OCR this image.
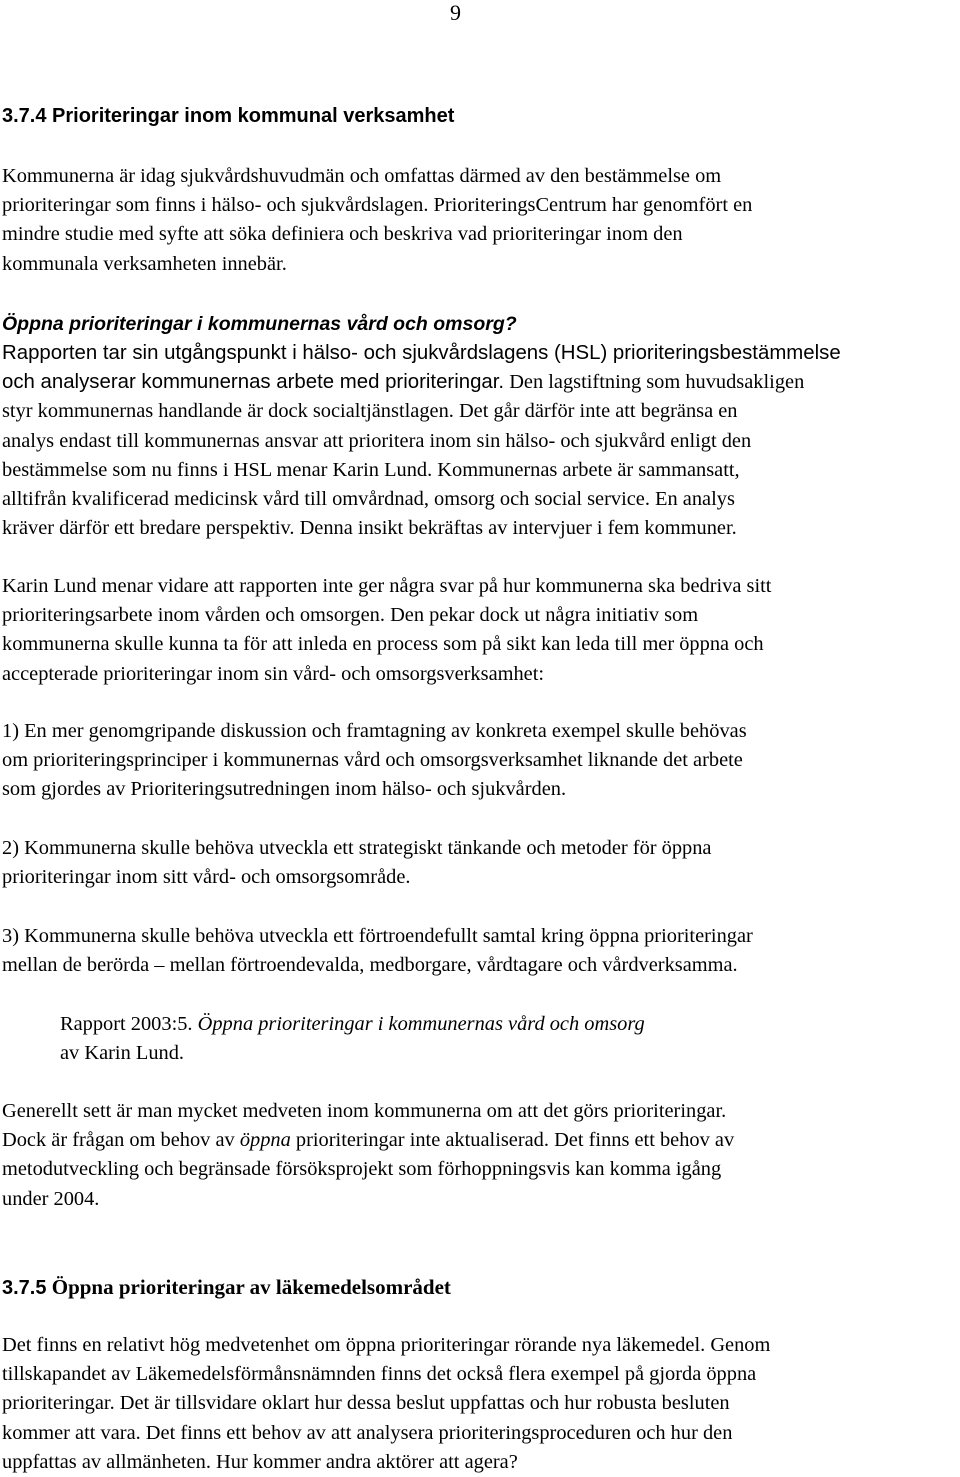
9
3.7.4 Prioriteringar inom kommunal verksamhet
Kommunerna är idag sjukvårdshuvudmän och omfattas därmed av den bestämmelse om
prioriteringar som finns i hälso- och sjukvårdslagen. PrioriteringsCentrum har genomfört en
mindre studie med syfte att söka definiera och beskriva vad prioriteringar inom den
kommunala verksamheten innebär.
Öppna prioriteringar i kommunernas vård och omsorg?
Rapporten tar sin utgångspunkt i hälso- och sjukvårdslagens (HSL) prioriteringsbestämmelse
och analyserar kommunernas arbete med prioriteringar. Den lagstiftning som huvudsakligen
styr kommunernas handlande är dock socialtjänstlagen. Det går därför inte att begränsa en
analys endast till kommunernas ansvar att prioritera inom sin hälso- och sjukvård enligt den
bestämmelse som nu finns i HSL menar Karin Lund. Kommunernas arbete är sammansatt,
alltifrån kvalificerad medicinsk vård till omvårdnad, omsorg och social service. En analys
kräver därför ett bredare perspektiv. Denna insikt bekräftas av intervjuer i fem kommuner.
Karin Lund menar vidare att rapporten inte ger några svar på hur kommunerna ska bedriva sitt
prioriteringsarbete inom vården och omsorgen. Den pekar dock ut några initiativ som
kommunerna skulle kunna ta för att inleda en process som på sikt kan leda till mer öppna och
accepterade prioriteringar inom sin vård- och omsorgsverksamhet:
1) En mer genomgripande diskussion och framtagning av konkreta exempel skulle behövas
om prioriteringsprinciper i kommunernas vård och omsorgsverksamhet liknande det arbete
som gjordes av Prioriteringsutredningen inom hälso- och sjukvården.
2) Kommunerna skulle behöva utveckla ett strategiskt tänkande och metoder för öppna
prioriteringar inom sitt vård- och omsorgsområde.
3) Kommunerna skulle behöva utveckla ett förtroendefullt samtal kring öppna prioriteringar
mellan de berörda – mellan förtroendevalda, medborgare, vårdtagare och vårdverksamma.
Rapport 2003:5. Öppna prioriteringar i kommunernas vård och omsorg
av Karin Lund.
Generellt sett är man mycket medveten inom kommunerna om att det görs prioriteringar.
Dock är frågan om behov av öppna prioriteringar inte aktualiserad. Det finns ett behov av
metodutveckling och begränsade försöksprojekt som förhoppningsvis kan komma igång
under 2004.
3.7.5 Öppna prioriteringar av läkemedelsområdet
Det finns en relativt hög medvetenhet om öppna prioriteringar rörande nya läkemedel. Genom
tillskapandet av Läkemedelsförmånsnämnden finns det också flera exempel på gjorda öppna
prioriteringar. Det är tillsvidare oklart hur dessa beslut uppfattas och hur robusta besluten
kommer att vara. Det finns ett behov av att analysera prioriteringsproceduren och hur den
uppfattas av allmänheten. Hur kommer andra aktörer att agera?
